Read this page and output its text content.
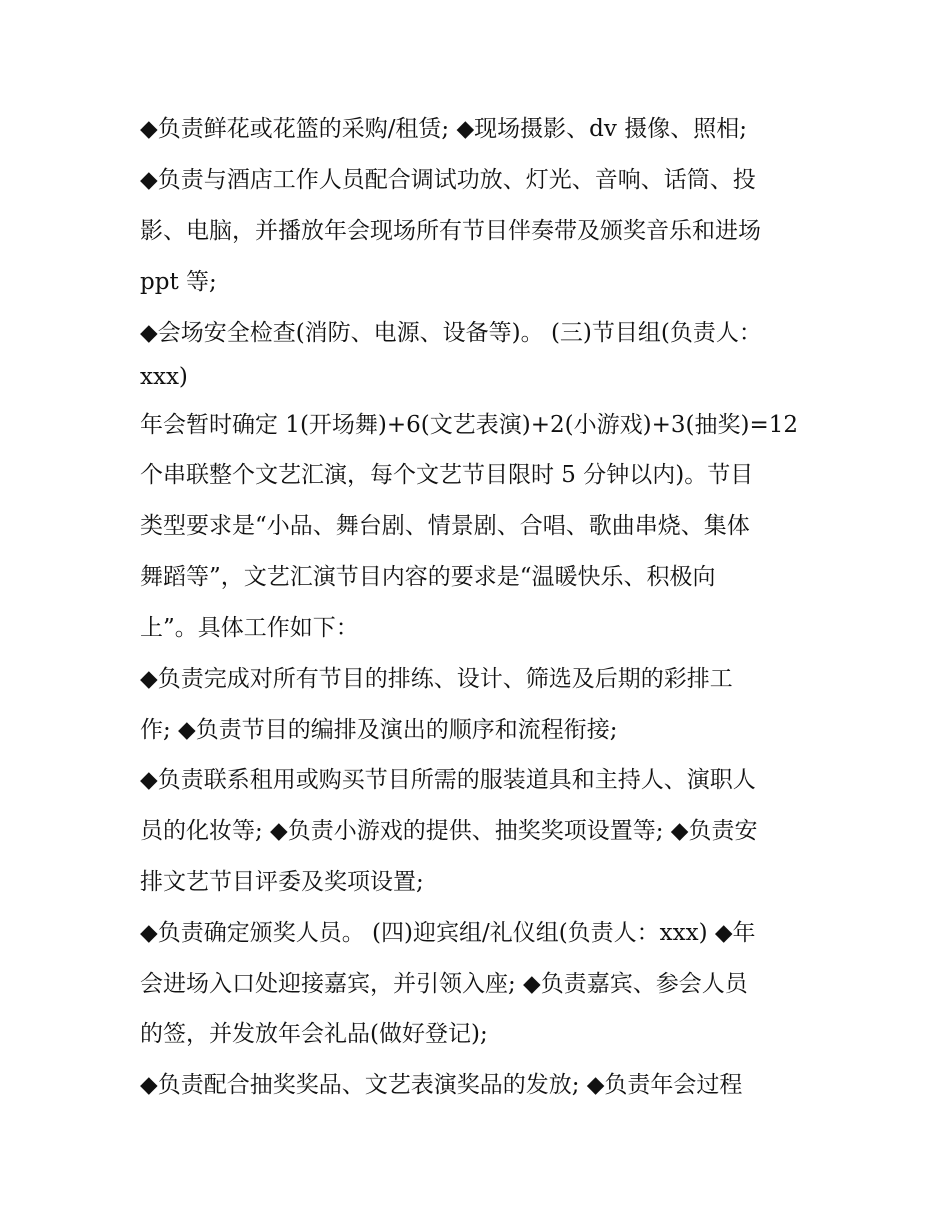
◆负责鲜花或花篮的采购/租赁; ◆现场摄影、dv 摄像、照相;
◆负责与酒店工作人员配合调试功放、灯光、音响、话筒、投
影、电脑，并播放年会现场所有节目伴奏带及颁奖音乐和进场
ppt 等;
◆会场安全检查(消防、电源、设备等)。 (三)节目组(负责人：
xxx)
年会暂时确定 1(开场舞)+6(文艺表演)+2(小游戏)+3(抽奖)=12
个串联整个文艺汇演，每个文艺节目限时 5 分钟以内)。节目
类型要求是“小品、舞台剧、情景剧、合唱、歌曲串烧、集体
舞蹈等”，文艺汇演节目内容的要求是“温暖快乐、积极向
上”。具体工作如下：
◆负责完成对所有节目的排练、设计、筛选及后期的彩排工
作; ◆负责节目的编排及演出的顺序和流程衔接;
◆负责联系租用或购买节目所需的服装道具和主持人、演职人
员的化妆等; ◆负责小游戏的提供、抽奖奖项设置等; ◆负责安
排文艺节目评委及奖项设置;
◆负责确定颁奖人员。 (四)迎宾组/礼仪组(负责人：xxx) ◆年
会进场入口处迎接嘉宾，并引领入座; ◆负责嘉宾、参会人员
的签，并发放年会礼品(做好登记);
◆负责配合抽奖奖品、文艺表演奖品的发放; ◆负责年会过程
